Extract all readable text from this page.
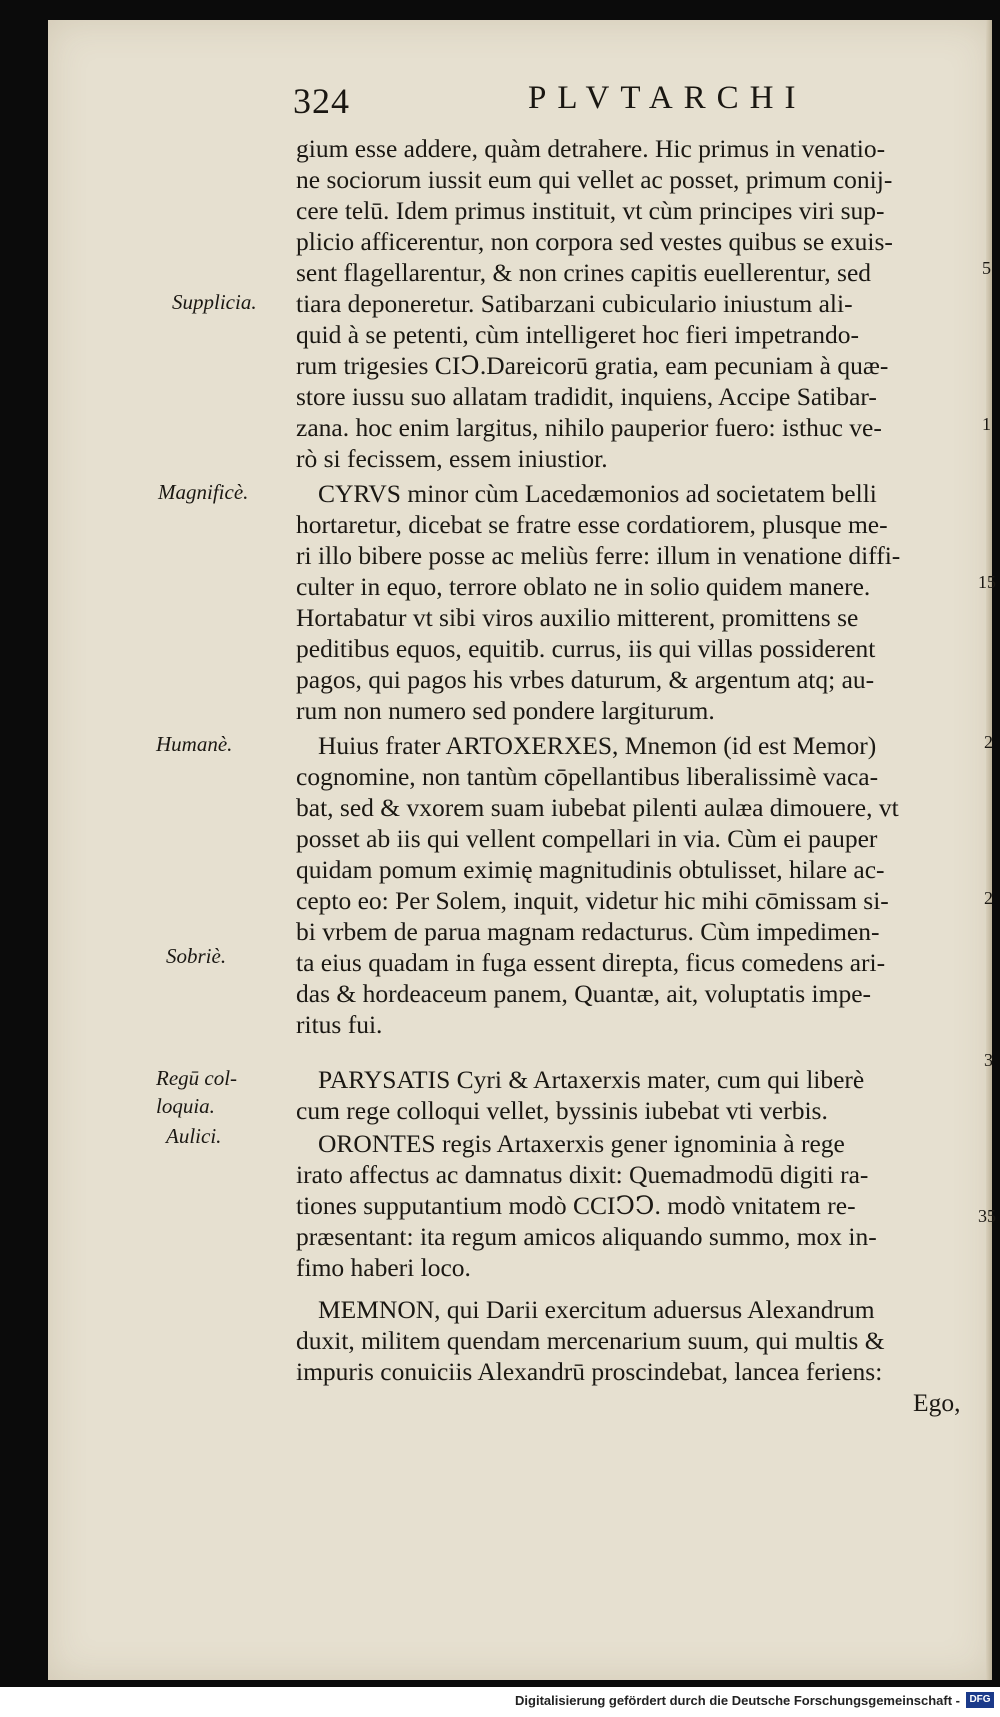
324	PLVTARCHI
gium esse addere, quàm detrahere. Hic primus in venatio-
ne sociorum iussit eum qui vellet ac posset, primum conij-
cere telū. Idem primus instituit, vt cùm principes viri sup-
plicio afficerentur, non corpora sed vestes quibus se exuis-
sent flagellarentur, & non crines capitis euellerentur, sed
tiara deponeretur. Satibarzani cubiculario iniustum ali-
quid à se petenti, cùm intelligeret hoc fieri impetrando-
rum trigesies CIↃ.Dareicorū gratia, eam pecuniam à quæ-
store iussu suo allatam tradidit, inquiens, Accipe Satibar-
zana. hoc enim largitus, nihilo pauperior fuero: isthuc ve-
rò si fecissem, essem iniustior.
CYRVS minor cùm Lacedæmonios ad societatem belli
hortaretur, dicebat se fratre esse cordatiorem, plusque me-
ri illo bibere posse ac meliùs ferre: illum in venatione diffi-
culter in equo, terrore oblato ne in solio quidem manere.
Hortabatur vt sibi viros auxilio mitterent, promittens se
peditibus equos, equitib. currus, iis qui villas possiderent
pagos, qui pagos his vrbes daturum, & argentum atq; au-
rum non numero sed pondere largiturum.
Huius frater ARTOXERXES, Mnemon (id est Memor)
cognomine, non tantùm cōpellantibus liberalissimè vaca-
bat, sed & vxorem suam iubebat pilenti aulæa dimouere, vt
posset ab iis qui vellent compellari in via. Cùm ei pauper
quidam pomum eximię magnitudinis obtulisset, hilare ac-
cepto eo: Per Solem, inquit, videtur hic mihi cōmissam si-
bi vrbem de parua magnam redacturus. Cùm impedimen-
ta eius quadam in fuga essent direpta, ficus comedens ari-
das & hordeaceum panem, Quantæ, ait, voluptatis impe-
ritus fui.
PARYSATIS Cyri & Artaxerxis mater, cum qui liberè
cum rege colloqui vellet, byssinis iubebat vti verbis.
ORONTES regis Artaxerxis gener ignominia à rege
irato affectus ac damnatus dixit: Quemadmodū digiti ra-
tiones supputantium modò CCIↃↃ. modò vnitatem re-
præsentant: ita regum amicos aliquando summo, mox in-
fimo haberi loco.
MEMNON, qui Darii exercitum aduersus Alexandrum
duxit, militem quendam mercenarium suum, qui multis &
impuris conuiciis Alexandrū proscindebat, lancea feriens:
Ego,
Supplicia.
Magnificè.
Humanè.
Sobriè.
Regū col-
loquia.
Aulici.
5
1
15
2
2
3
35
Digitalisierung gefördert durch die Deutsche Forschungsgemeinschaft - DFG
